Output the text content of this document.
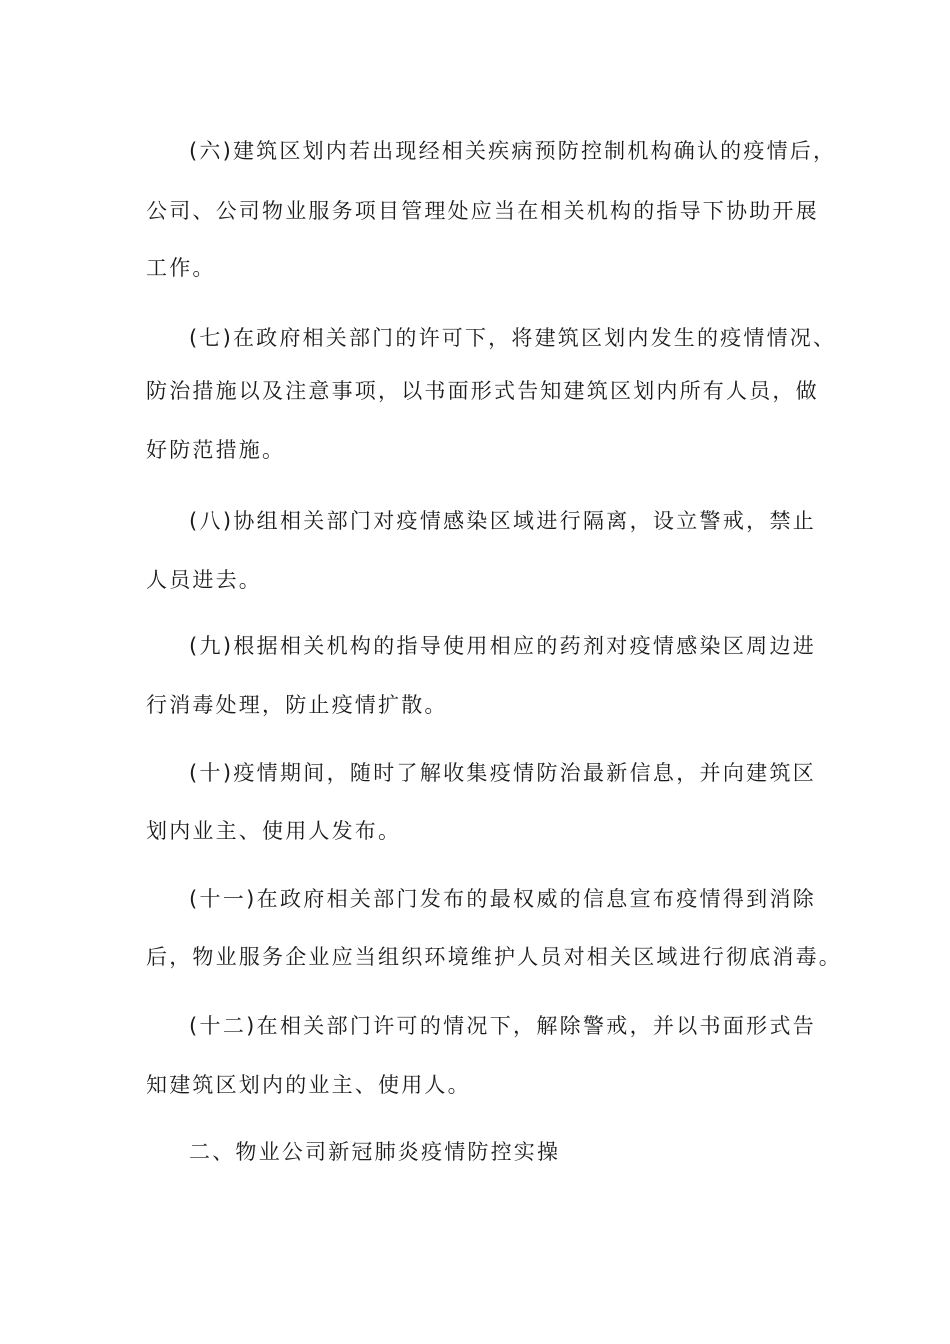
(六)建筑区划内若出现经相关疾病预防控制机构确认的疫情后，
公司、公司物业服务项目管理处应当在相关机构的指导下协助开展
工作。
(七)在政府相关部门的许可下，将建筑区划内发生的疫情情况、
防治措施以及注意事项，以书面形式告知建筑区划内所有人员，做
好防范措施。
(八)协组相关部门对疫情感染区域进行隔离，设立警戒，禁止
人员进去。
(九)根据相关机构的指导使用相应的药剂对疫情感染区周边进
行消毒处理，防止疫情扩散。
(十)疫情期间，随时了解收集疫情防治最新信息，并向建筑区
划内业主、使用人发布。
(十一)在政府相关部门发布的最权威的信息宣布疫情得到消除
后，物业服务企业应当组织环境维护人员对相关区域进行彻底消毒。
(十二)在相关部门许可的情况下，解除警戒，并以书面形式告
知建筑区划内的业主、使用人。
二、物业公司新冠肺炎疫情防控实操
